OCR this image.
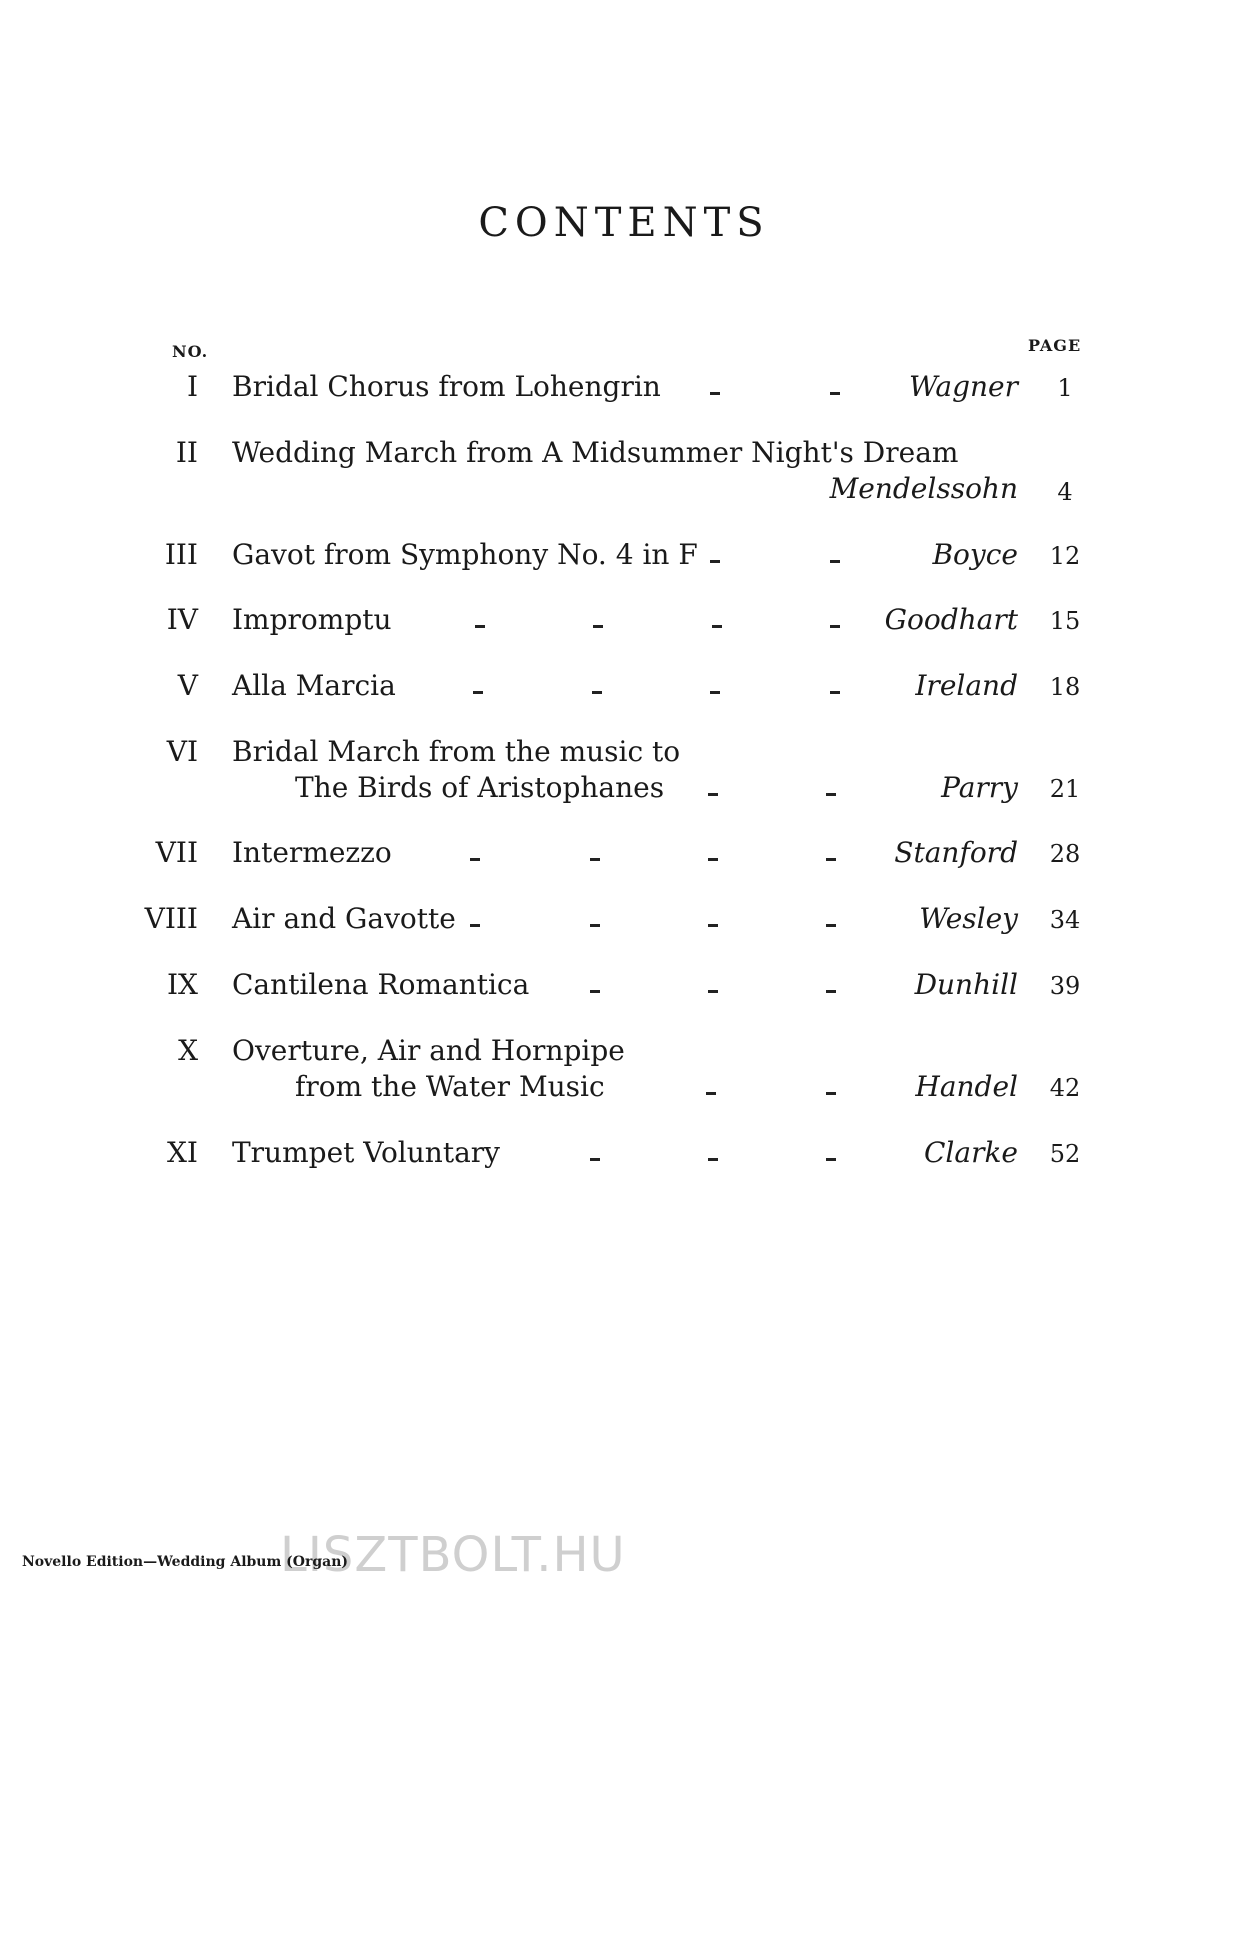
CONTENTS
NO.	PAGE
I Bridal Chorus from Lohengrin	Wagner	1
II Wedding March from A Midsummer Night's Dream
Mendelssohn	4
III Gavot from Symphony No. 4 in F	Boyce	12
IV Impromptu	Goodhart	15
V Alla Marcia	Ireland	18
VI Bridal March from the music to
The Birds of Aristophanes	Parry	21
VII Intermezzo	Stanford	28
VIII Air and Gavotte	Wesley	34
IX Cantilena Romantica	Dunhill	39
X Overture, Air and Hornpipe
from the Water Music	Handel	42
XI Trumpet Voluntary	Clarke	52
LISZTBOLT.HU
Novello Edition—Wedding Album (Organ)
